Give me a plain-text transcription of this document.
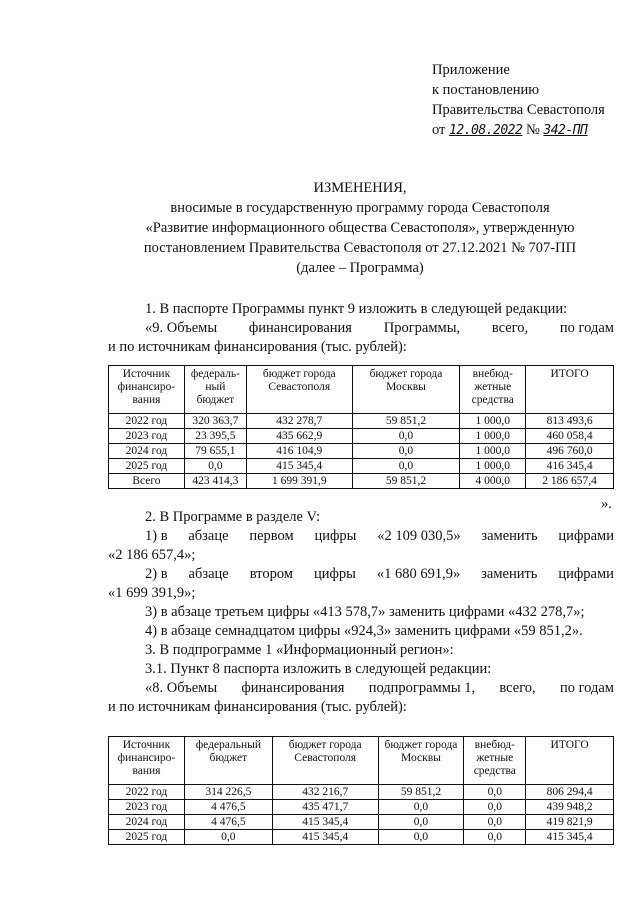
Приложение
к постановлению
Правительства Севастополя
от 12.08.2022 № 342-ПП
ИЗМЕНЕНИЯ,
вносимые в государственную программу города Севастополя
«Развитие информационного общества Севастополя», утвержденную
постановлением Правительства Севастополя от 27.12.2021 № 707-ПП
(далее – Программа)
1. В паспорте Программы пункт 9 изложить в следующей редакции:
«9. Объемы финансирования Программы, всего, по годам
и по источникам финансирования (тыс. рублей):
Источник финансиро-вания	федераль-ный бюджет	бюджет города Севастополя	бюджет города Москвы	внебюд-жетные средства	ИТОГО
2022 год	320 363,7	432 278,7	59 851,2	1 000,0	813 493,6
2023 год	23 395,5	435 662,9	0,0	1 000,0	460 058,4
2024 год	79 655,1	416 104,9	0,0	1 000,0	496 760,0
2025 год	0,0	415 345,4	0,0	1 000,0	416 345,4
Всего	423 414,3	1 699 391,9	59 851,2	4 000,0	2 186 657,4
».
2. В Программе в разделе V:
1) в абзаце первом цифры «2 109 030,5» заменить цифрами
«2 186 657,4»;
2) в абзаце втором цифры «1 680 691,9» заменить цифрами
«1 699 391,9»;
3) в абзаце третьем цифры «413 578,7» заменить цифрами «432 278,7»;
4) в абзаце семнадцатом цифры «924,3» заменить цифрами «59 851,2».
3. В подпрограмме 1 «Информационный регион»:
3.1. Пункт 8 паспорта изложить в следующей редакции:
«8. Объемы финансирования подпрограммы 1, всего, по годам
и по источникам финансирования (тыс. рублей):
Источник финансиро-вания	федеральный бюджет	бюджет города Севастополя	бюджет города Москвы	внебюд-жетные средства	ИТОГО
2022 год	314 226,5	432 216,7	59 851,2	0,0	806 294,4
2023 год	4 476,5	435 471,7	0,0	0,0	439 948,2
2024 год	4 476,5	415 345,4	0,0	0,0	419 821,9
2025 год	0,0	415 345,4	0,0	0,0	415 345,4
